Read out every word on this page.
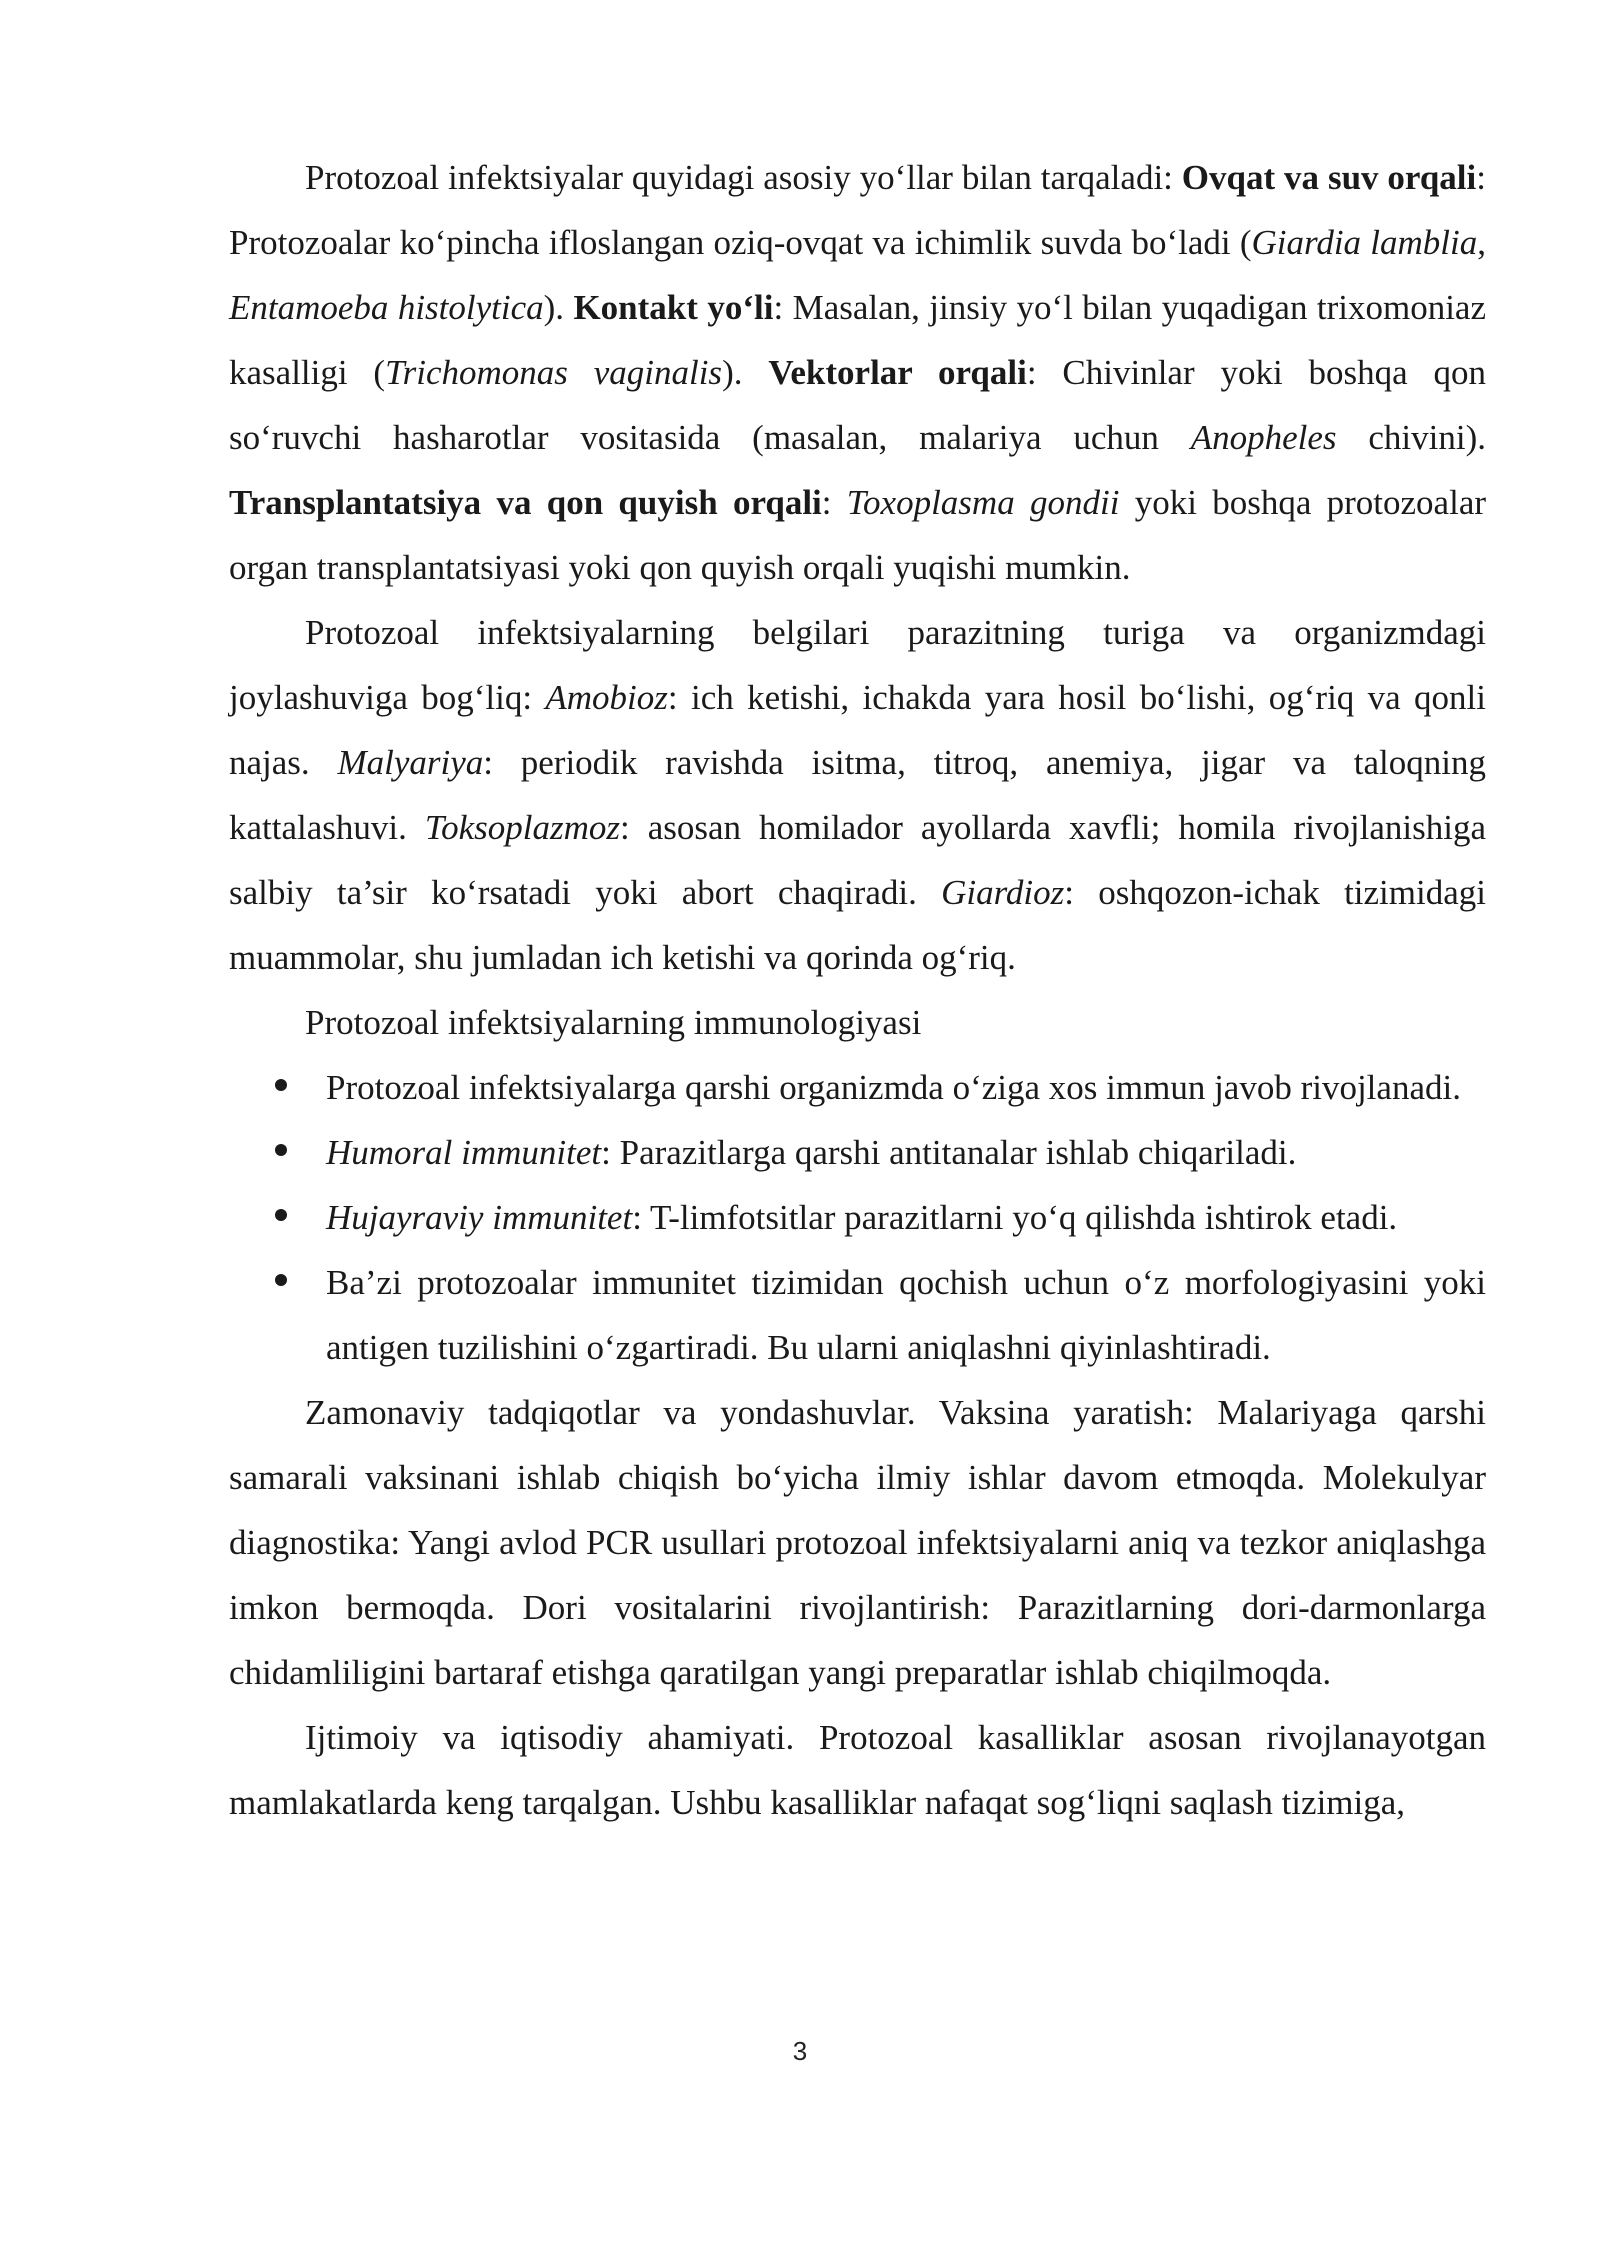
Protozoal infektsiyalar quyidagi asosiy yo‘llar bilan tarqaladi: Ovqat va suv orqali: Protozoalar ko‘pincha ifloslangan oziq-ovqat va ichimlik suvda bo‘ladi (Giardia lamblia, Entamoeba histolytica). Kontakt yo‘li: Masalan, jinsiy yo‘l bilan yuqadigan trixomoniaz kasalligi (Trichomonas vaginalis). Vektorlar orqali: Chivinlar yoki boshqa qon so‘ruvchi hasharotlar vositasida (masalan, malariya uchun Anopheles chivini). Transplantatsiya va qon quyish orqali: Toxoplasma gondii yoki boshqa protozoalar organ transplantatsiyasi yoki qon quyish orqali yuqishi mumkin.

Protozoal infektsiyalarning belgilari parazitning turiga va organizmdagi joylashuviga bog‘liq: Amobioz: ich ketishi, ichakda yara hosil bo‘lishi, og‘riq va qonli najas. Malyariya: periodik ravishda isitma, titroq, anemiya, jigar va taloqning kattalashuvi. Toksoplazmoz: asosan homilador ayollarda xavfli; homila rivojlanishiga salbiy ta’sir ko‘rsatadi yoki abort chaqiradi. Giardioz: oshqozon-ichak tizimidagi muammolar, shu jumladan ich ketishi va qorinda og‘riq.

Protozoal infektsiyalarning immunologiyasi

Protozoal infektsiyalarga qarshi organizmda o‘ziga xos immun javob rivojlanadi.
Humoral immunitet: Parazitlarga qarshi antitanalar ishlab chiqariladi.
Hujayraviy immunitet: T-limfotsitlar parazitlarni yo‘q qilishda ishtirok etadi.
Ba’zi protozoalar immunitet tizimidan qochish uchun o‘z morfologiyasini yoki antigen tuzilishini o‘zgartiradi. Bu ularni aniqlashni qiyinlashtiradi.

Zamonaviy tadqiqotlar va yondashuvlar. Vaksina yaratish: Malariyaga qarshi samarali vaksinani ishlab chiqish bo‘yicha ilmiy ishlar davom etmoqda. Molekulyar diagnostika: Yangi avlod PCR usullari protozoal infektsiyalarni aniq va tezkor aniqlashga imkon bermoqda. Dori vositalarini rivojlantirish: Parazitlarning dori-darmonlarga chidamliligini bartaraf etishga qaratilgan yangi preparatlar ishlab chiqilmoqda.

Ijtimoiy va iqtisodiy ahamiyati. Protozoal kasalliklar asosan rivojlanayotgan mamlakatlarda keng tarqalgan. Ushbu kasalliklar nafaqat sog‘liqni saqlash tizimiga,

3
